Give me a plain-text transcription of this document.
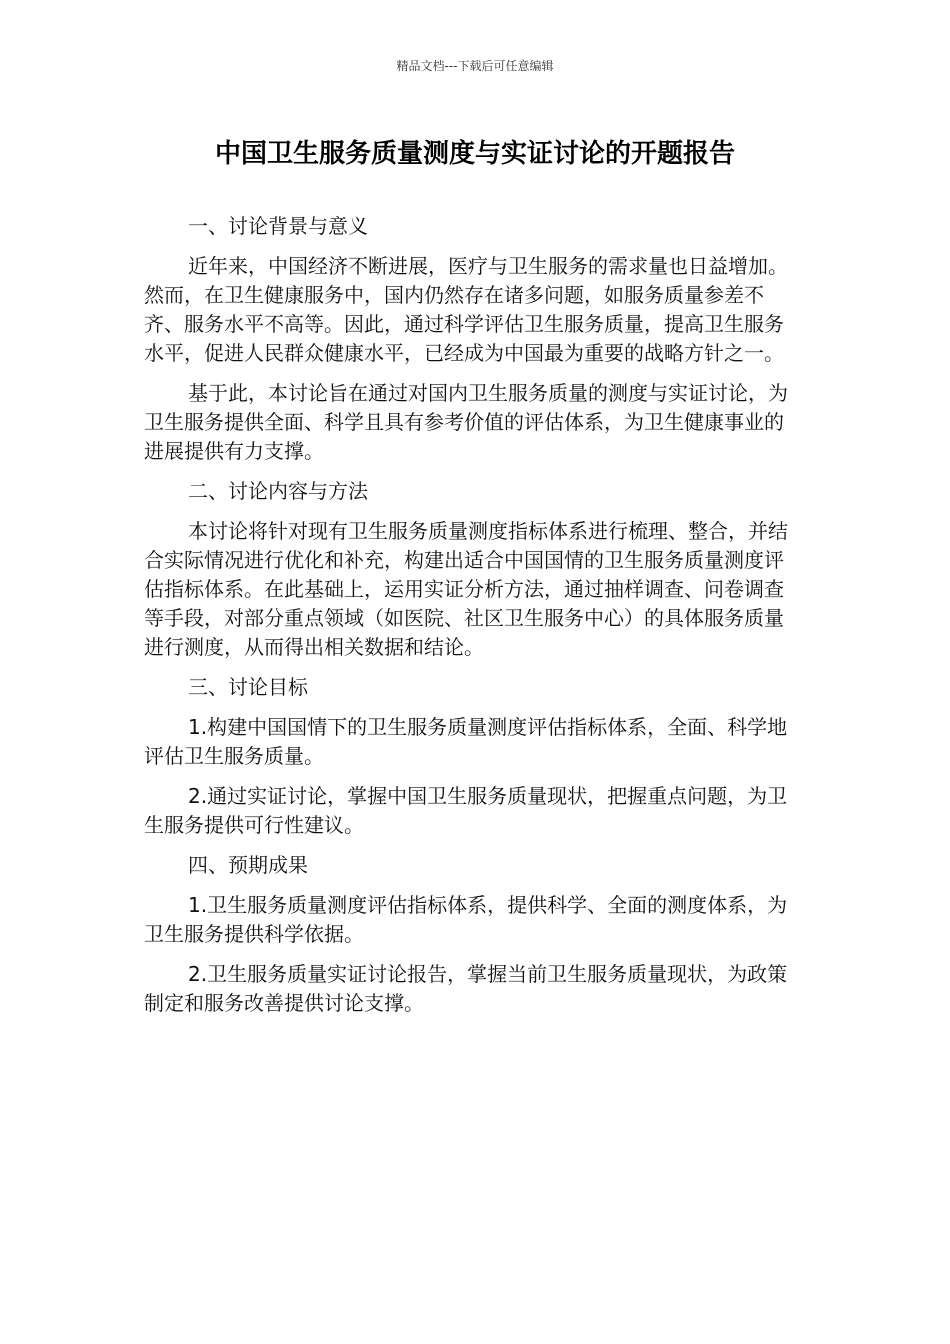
精品文档---下载后可任意编辑
中国卫生服务质量测度与实证讨论的开题报告

一、讨论背景与意义

近年来，中国经济不断进展，医疗与卫生服务的需求量也日益增加。然而，在卫生健康服务中，国内仍然存在诸多问题，如服务质量参差不齐、服务水平不高等。因此，通过科学评估卫生服务质量，提高卫生服务水平，促进人民群众健康水平，已经成为中国最为重要的战略方针之一。

基于此，本讨论旨在通过对国内卫生服务质量的测度与实证讨论，为卫生服务提供全面、科学且具有参考价值的评估体系，为卫生健康事业的进展提供有力支撑。

二、讨论内容与方法

本讨论将针对现有卫生服务质量测度指标体系进行梳理、整合，并结合实际情况进行优化和补充，构建出适合中国国情的卫生服务质量测度评估指标体系。在此基础上，运用实证分析方法，通过抽样调查、问卷调查等手段，对部分重点领域（如医院、社区卫生服务中心）的具体服务质量进行测度，从而得出相关数据和结论。

三、讨论目标

1.构建中国国情下的卫生服务质量测度评估指标体系，全面、科学地评估卫生服务质量。

2.通过实证讨论，掌握中国卫生服务质量现状，把握重点问题，为卫生服务提供可行性建议。

四、预期成果

1.卫生服务质量测度评估指标体系，提供科学、全面的测度体系，为卫生服务提供科学依据。

2.卫生服务质量实证讨论报告，掌握当前卫生服务质量现状，为政策制定和服务改善提供讨论支撑。
